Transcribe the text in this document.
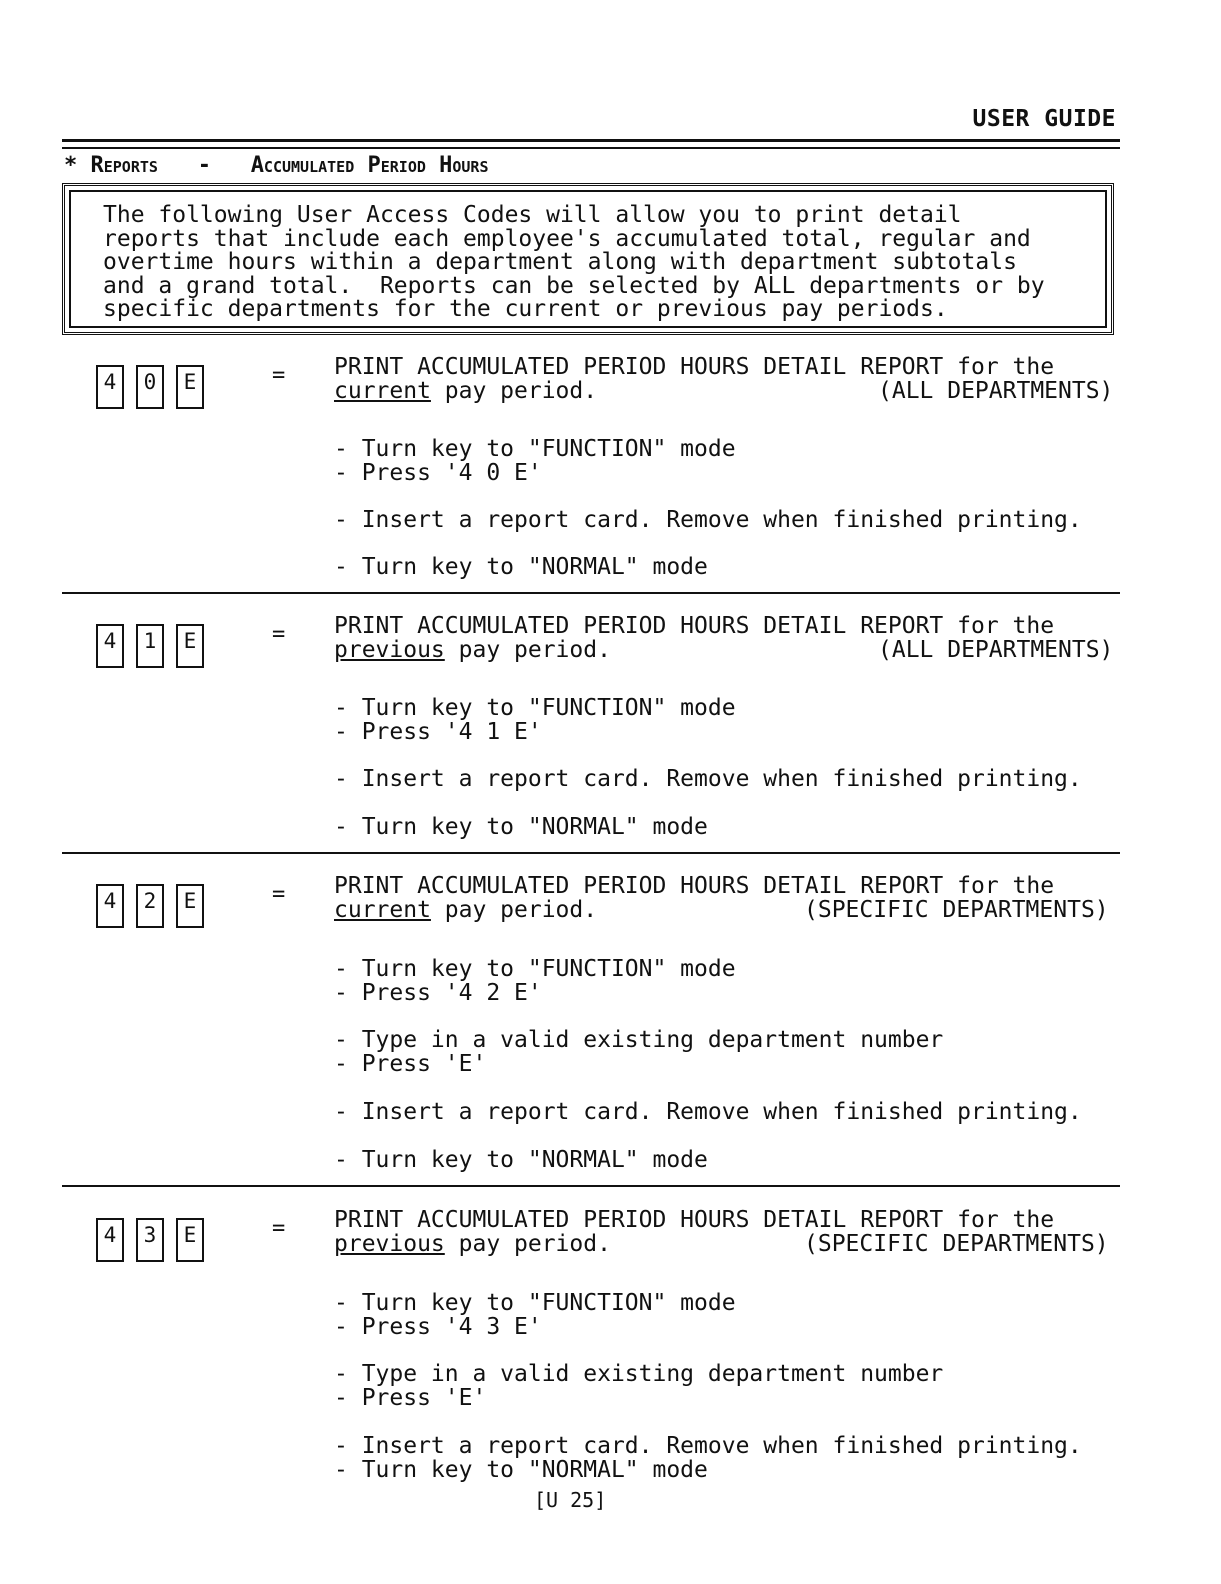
USER GUIDE
* Reports - Accumulated Period Hours
The following User Access Codes will allow you to print detail
reports that include each employee's accumulated total, regular and
overtime hours within a department along with department subtotals
and a grand total.  Reports can be selected by ALL departments or by
specific departments for the current or previous pay periods.
4 0 E	= PRINT ACCUMULATED PERIOD HOURS DETAIL REPORT for the
current pay period.	(ALL DEPARTMENTS)
- Turn key to "FUNCTION" mode
- Press '4 0 E'
- Insert a report card. Remove when finished printing.
- Turn key to "NORMAL" mode
4 1 E	= PRINT ACCUMULATED PERIOD HOURS DETAIL REPORT for the
previous pay period.	(ALL DEPARTMENTS)
- Turn key to "FUNCTION" mode
- Press '4 1 E'
- Insert a report card. Remove when finished printing.
- Turn key to "NORMAL" mode
4 2 E	= PRINT ACCUMULATED PERIOD HOURS DETAIL REPORT for the
current pay period.	(SPECIFIC DEPARTMENTS)
- Turn key to "FUNCTION" mode
- Press '4 2 E'
- Type in a valid existing department number
- Press 'E'
- Insert a report card. Remove when finished printing.
- Turn key to "NORMAL" mode
4 3 E	= PRINT ACCUMULATED PERIOD HOURS DETAIL REPORT for the
previous pay period.	(SPECIFIC DEPARTMENTS)
- Turn key to "FUNCTION" mode
- Press '4 3 E'
- Type in a valid existing department number
- Press 'E'
- Insert a report card. Remove when finished printing.
- Turn key to "NORMAL" mode
[U 25]
